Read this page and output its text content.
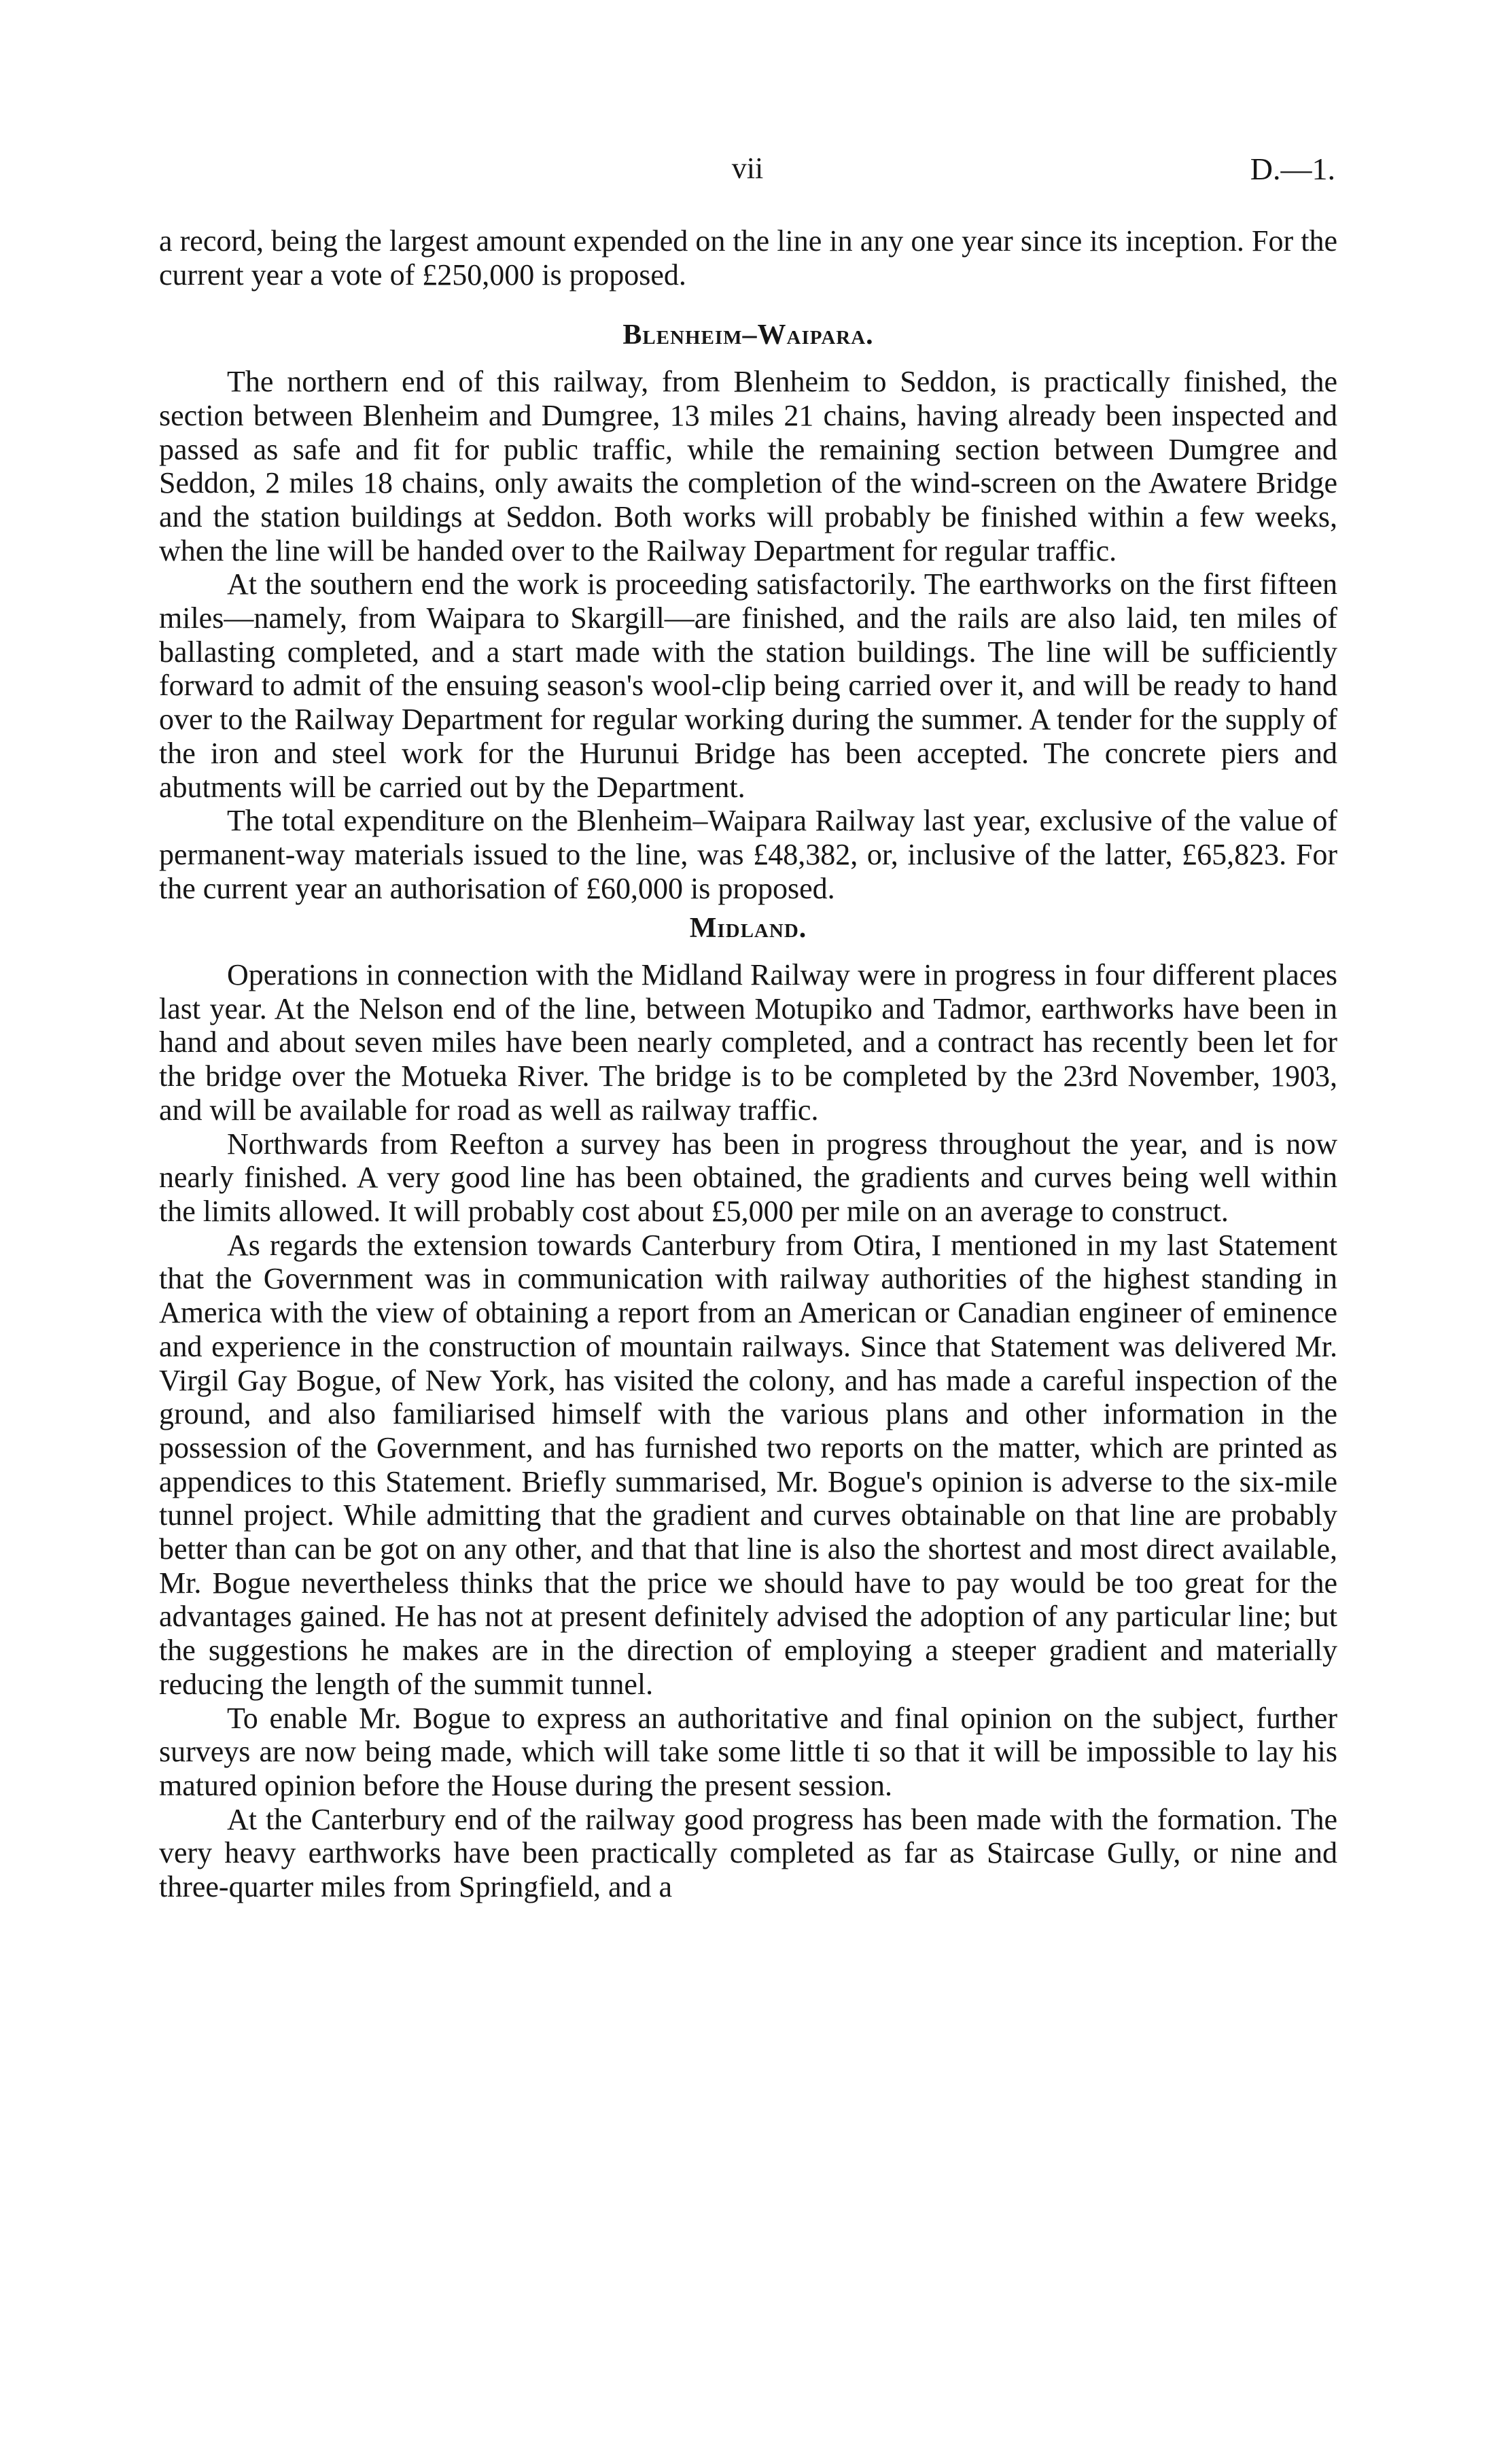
vii	D.—1.

a record, being the largest amount expended on the line in any one year since its inception. For the current year a vote of £250,000 is proposed.

Blenheim–Waipara.

The northern end of this railway, from Blenheim to Seddon, is practically finished, the section between Blenheim and Dumgree, 13 miles 21 chains, having already been inspected and passed as safe and fit for public traffic, while the remaining section between Dumgree and Seddon, 2 miles 18 chains, only awaits the completion of the wind-screen on the Awatere Bridge and the station buildings at Seddon. Both works will probably be finished within a few weeks, when the line will be handed over to the Railway Department for regular traffic.

At the southern end the work is proceeding satisfactorily. The earthworks on the first fifteen miles—namely, from Waipara to Skargill—are finished, and the rails are also laid, ten miles of ballasting completed, and a start made with the station buildings. The line will be sufficiently forward to admit of the ensuing season's wool-clip being carried over it, and will be ready to hand over to the Railway Department for regular working during the summer. A tender for the supply of the iron and steel work for the Hurunui Bridge has been accepted. The concrete piers and abutments will be carried out by the Department.

The total expenditure on the Blenheim–Waipara Railway last year, exclusive of the value of permanent-way materials issued to the line, was £48,382, or, inclusive of the latter, £65,823. For the current year an authorisation of £60,000 is proposed.

Midland.

Operations in connection with the Midland Railway were in progress in four different places last year. At the Nelson end of the line, between Motupiko and Tadmor, earthworks have been in hand and about seven miles have been nearly completed, and a contract has recently been let for the bridge over the Motueka River. The bridge is to be completed by the 23rd November, 1903, and will be available for road as well as railway traffic.

Northwards from Reefton a survey has been in progress throughout the year, and is now nearly finished. A very good line has been obtained, the gradients and curves being well within the limits allowed. It will probably cost about £5,000 per mile on an average to construct.

As regards the extension towards Canterbury from Otira, I mentioned in my last Statement that the Government was in communication with railway authorities of the highest standing in America with the view of obtaining a report from an American or Canadian engineer of eminence and experience in the construction of mountain railways. Since that Statement was delivered Mr. Virgil Gay Bogue, of New York, has visited the colony, and has made a careful inspection of the ground, and also familiarised himself with the various plans and other information in the possession of the Government, and has furnished two reports on the matter, which are printed as appendices to this Statement. Briefly summarised, Mr. Bogue's opinion is adverse to the six-mile tunnel project. While admitting that the gradient and curves obtainable on that line are probably better than can be got on any other, and that that line is also the shortest and most direct available, Mr. Bogue nevertheless thinks that the price we should have to pay would be too great for the advantages gained. He has not at present definitely advised the adoption of any particular line; but the suggestions he makes are in the direction of employing a steeper gradient and materially reducing the length of the summit tunnel.

To enable Mr. Bogue to express an authoritative and final opinion on the subject, further surveys are now being made, which will take some little ti so that it will be impossible to lay his matured opinion before the House during the present session.

At the Canterbury end of the railway good progress has been made with the formation. The very heavy earthworks have been practically completed as far as Staircase Gully, or nine and three-quarter miles from Springfield, and a
